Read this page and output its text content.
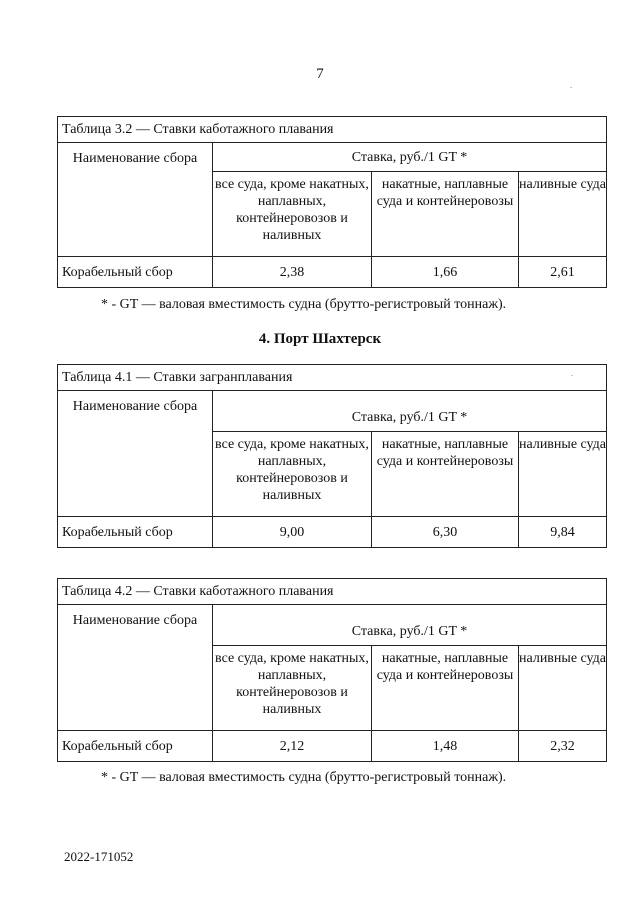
7
.
.
Таблица 3.2 — Ставки каботажного плавания			
Наименование сбора	Ставка, руб./1 GT *		
	все суда, кроме накатных, наплавных, контейнеровозов и наливных	накатные, наплавные суда и контейнеровозы	наливные суда
Корабельный сбор	2,38	1,66	2,61
* - GT — валовая вместимость судна (брутто-регистровый тоннаж).
4. Порт Шахтерск
Таблица 4.1 — Ставки загранплавания			
Наименование сбора	Ставка, руб./1 GT *		
	все суда, кроме накатных, наплавных, контейнеровозов и наливных	накатные, наплавные суда и контейнеровозы	наливные суда
Корабельный сбор	9,00	6,30	9,84
Таблица 4.2 — Ставки каботажного плавания			
Наименование сбора	Ставка, руб./1 GT *		
	все суда, кроме накатных, наплавных, контейнеровозов и наливных	накатные, наплавные суда и контейнеровозы	наливные суда
Корабельный сбор	2,12	1,48	2,32
* - GT — валовая вместимость судна (брутто-регистровый тоннаж).
2022-171052
